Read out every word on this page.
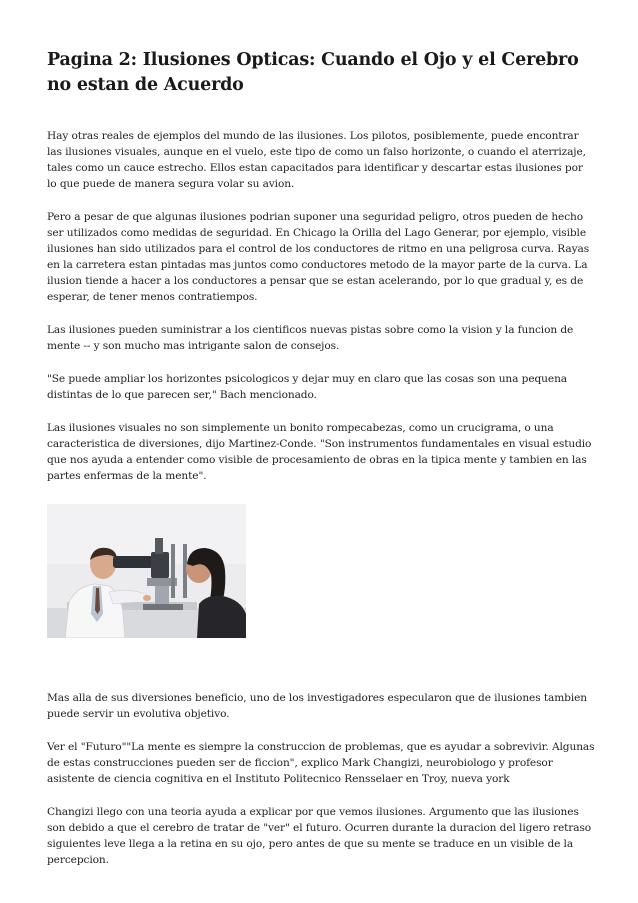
Pagina 2: Ilusiones Opticas: Cuando el Ojo y el Cerebro no estan de Acuerdo

Hay otras reales de ejemplos del mundo de las ilusiones. Los pilotos, posiblemente, puede encontrar las ilusiones visuales, aunque en el vuelo, este tipo de como un falso horizonte, o cuando el aterrizaje, tales como un cauce estrecho. Ellos estan capacitados para identificar y descartar estas ilusiones por lo que puede de manera segura volar su avion.

Pero a pesar de que algunas ilusiones podrian suponer una seguridad peligro, otros pueden de hecho ser utilizados como medidas de seguridad. En Chicago la Orilla del Lago Generar, por ejemplo, visible ilusiones han sido utilizados para el control de los conductores de ritmo en una peligrosa curva. Rayas en la carretera estan pintadas mas juntos como conductores metodo de la mayor parte de la curva. La ilusion tiende a hacer a los conductores a pensar que se estan acelerando, por lo que gradual y, es de esperar, de tener menos contratiempos.

Las ilusiones pueden suministrar a los cientificos nuevas pistas sobre como la vision y la funcion de mente -- y son mucho mas intrigante salon de consejos.

"Se puede ampliar los horizontes psicologicos y dejar muy en claro que las cosas son una pequena distintas de lo que parecen ser," Bach mencionado.

Las ilusiones visuales no son simplemente un bonito rompecabezas, como un crucigrama, o una caracteristica de diversiones, dijo Martinez-Conde. "Son instrumentos fundamentales en visual estudio que nos ayuda a entender como visible de procesamiento de obras en la tipica mente y tambien en las partes enfermas de la mente".

Mas alla de sus diversiones beneficio, uno de los investigadores especularon que de ilusiones tambien puede servir un evolutiva objetivo.

Ver el "Futuro""La mente es siempre la construccion de problemas, que es ayudar a sobrevivir. Algunas de estas construcciones pueden ser de ficcion", explico Mark Changizi, neurobiologo y profesor asistente de ciencia cognitiva en el Instituto Politecnico Rensselaer en Troy, nueva york

Changizi llego con una teoria ayuda a explicar por que vemos ilusiones. Argumento que las ilusiones son debido a que el cerebro de tratar de "ver" el futuro. Ocurren durante la duracion del ligero retraso siguientes leve llega a la retina en su ojo, pero antes de que su mente se traduce en un visible de la percepcion.
